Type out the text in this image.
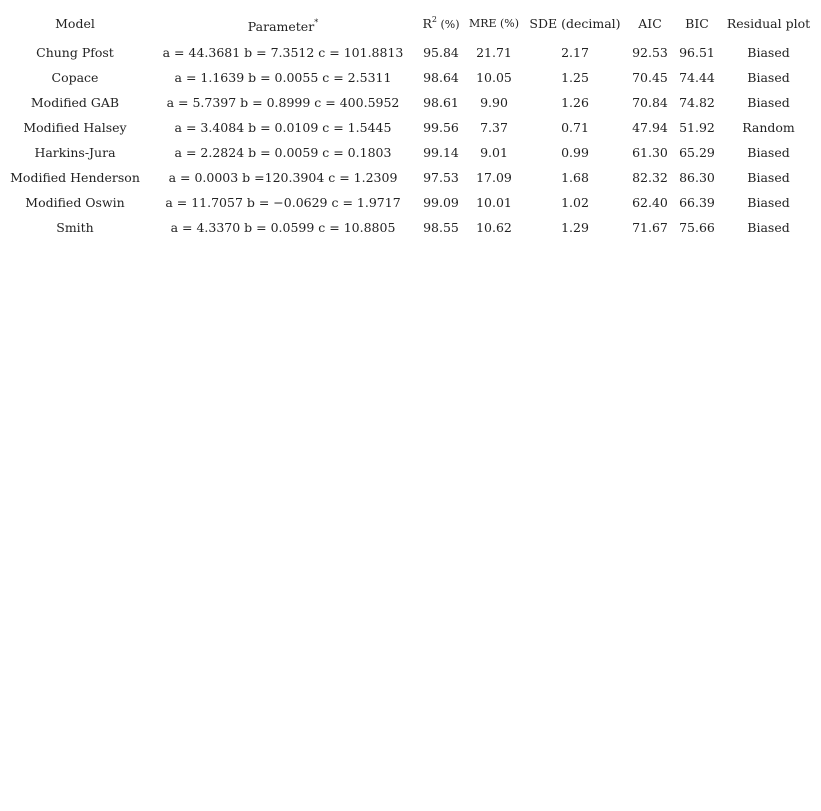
Model	Parameter*	$R^2$ (%)	MRE (%)	SDE (decimal)	AIC	BIC	Residual plot
Chung Pfost	a = 44.3681 b = 7.3512 c = 101.8813	95.84	21.71	2.17	92.53	96.51	Biased
Copace	a = 1.1639 b = 0.0055 c = 2.5311	98.64	10.05	1.25	70.45	74.44	Biased
Modified GAB	a = 5.7397 b = 0.8999 c = 400.5952	98.61	9.90	1.26	70.84	74.82	Biased
Modified Halsey	a = 3.4084 b = 0.0109 c = 1.5445	99.56	7.37	0.71	47.94	51.92	Random
Harkins-Jura	a = 2.2824 b = 0.0059 c = 0.1803	99.14	9.01	0.99	61.30	65.29	Biased
Modified Henderson	a = 0.0003 b =120.3904 c = 1.2309	97.53	17.09	1.68	82.32	86.30	Biased
Modified Oswin	a = 11.7057 b = −0.0629 c = 1.9717	99.09	10.01	1.02	62.40	66.39	Biased
Smith	a = 4.3370 b = 0.0599 c = 10.8805	98.55	10.62	1.29	71.67	75.66	Biased
